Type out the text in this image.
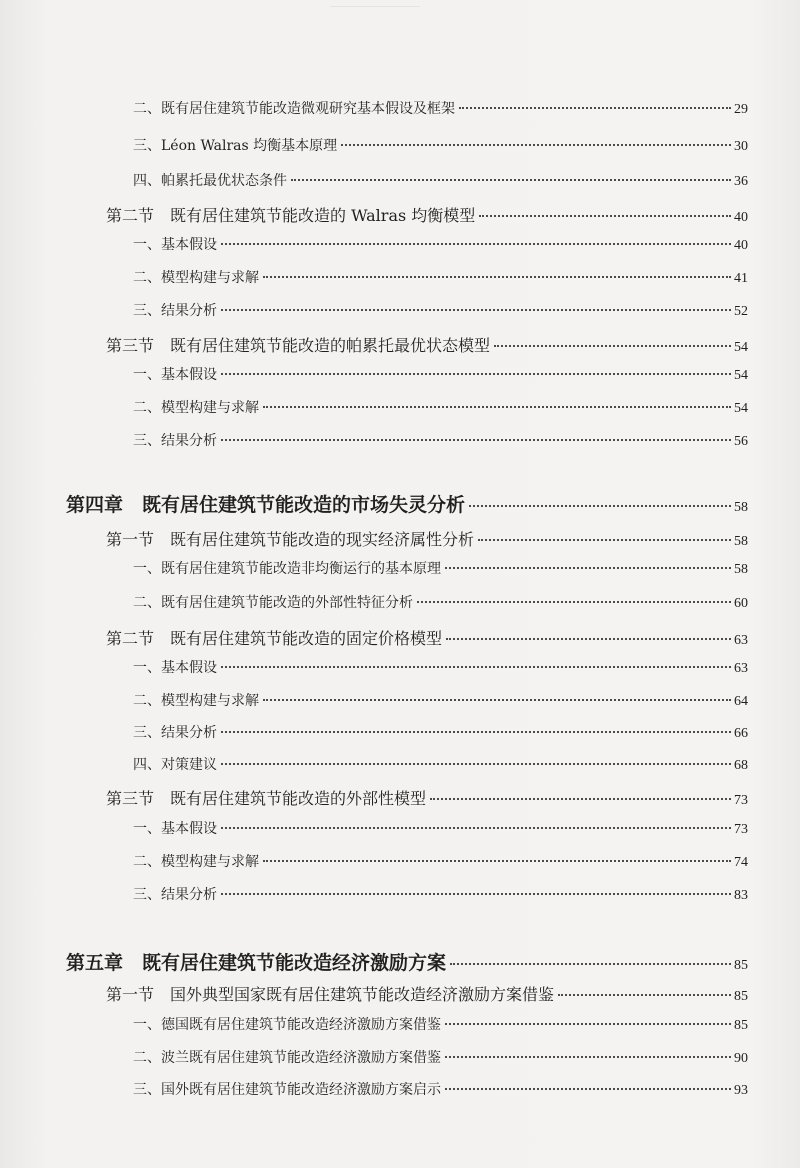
二、既有居住建筑节能改造微观研究基本假设及框架	29
三、Léon Walras 均衡基本原理	30
四、帕累托最优状态条件	36
第二节　既有居住建筑节能改造的 Walras 均衡模型	40
一、基本假设	40
二、模型构建与求解	41
三、结果分析	52
第三节　既有居住建筑节能改造的帕累托最优状态模型	54
一、基本假设	54
二、模型构建与求解	54
三、结果分析	56
第四章　既有居住建筑节能改造的市场失灵分析	58
第一节　既有居住建筑节能改造的现实经济属性分析	58
一、既有居住建筑节能改造非均衡运行的基本原理	58
二、既有居住建筑节能改造的外部性特征分析	60
第二节　既有居住建筑节能改造的固定价格模型	63
一、基本假设	63
二、模型构建与求解	64
三、结果分析	66
四、对策建议	68
第三节　既有居住建筑节能改造的外部性模型	73
一、基本假设	73
二、模型构建与求解	74
三、结果分析	83
第五章　既有居住建筑节能改造经济激励方案	85
第一节　国外典型国家既有居住建筑节能改造经济激励方案借鉴	85
一、德国既有居住建筑节能改造经济激励方案借鉴	85
二、波兰既有居住建筑节能改造经济激励方案借鉴	90
三、国外既有居住建筑节能改造经济激励方案启示	93
